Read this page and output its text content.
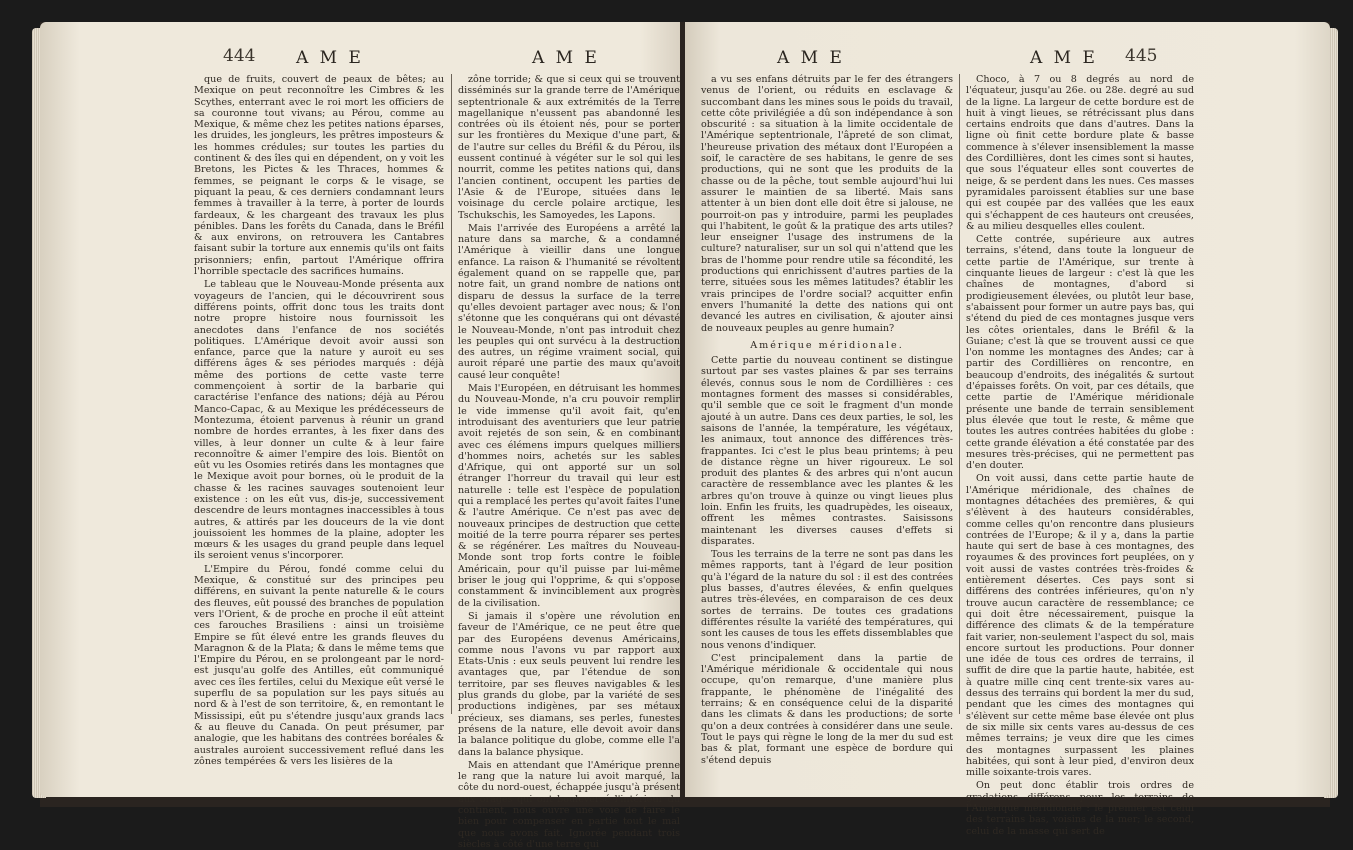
444 A M E	A M E

que de fruits, couvert de peaux de bêtes; au Mexique on peut reconnoître les Cimbres & les Scythes, enterrant avec le roi mort les officiers de sa couronne tout vivans; au Pérou, comme au Mexique, & même chez les petites nations éparses, les druides, les jongleurs, les prêtres imposteurs & les hommes crédules; sur toutes les parties du continent & des îles qui en dépendent, on y voit les Bretons, les Pictes & les Thraces, hommes & femmes, se peignant le corps & le visage, se piquant la peau, & ces derniers condamnant leurs femmes à travailler à la terre, à porter de lourds fardeaux, & les chargeant des travaux les plus pénibles. Dans les forêts du Canada, dans le Bréfil & aux environs, on retrouvera les Cantabres faisant subir la torture aux ennemis qu'ils ont faits prisonniers; enfin, partout l'Amérique offrira l'horrible spectacle des sacrifices humains.

Le tableau que le Nouveau-Monde présenta aux voyageurs de l'ancien, qui le découvrirent sous différens points, offrit donc tous les traits dont notre propre histoire nous fournissoit les anecdotes dans l'enfance de nos sociétés politiques. L'Amérique devoit avoir aussi son enfance, parce que la nature y auroit eu ses différens âges & ses périodes marqués : déjà même des portions de cette vaste terre commençoient à sortir de la barbarie qui caractérise l'enfance des nations; déjà au Pérou Manco-Capac, & au Mexique les prédécesseurs de Montezuma, étoient parvenus à réunir un grand nombre de hordes errantes, à les fixer dans des villes, à leur donner un culte & à leur faire reconnoître & aimer l'empire des lois. Bientôt on eût vu les Osomies retirés dans les montagnes que le Mexique avoit pour bornes, où le produit de la chasse & les racines sauvages soutenoient leur existence : on les eût vus, dis-je, successivement descendre de leurs montagnes inaccessibles à tous autres, & attirés par les douceurs de la vie dont jouissoient les hommes de la plaine, adopter les mœurs & les usages du grand peuple dans lequel ils seroient venus s'incorporer.

L'Empire du Pérou, fondé comme celui du Mexique, & constitué sur des principes peu différens, en suivant la pente naturelle & le cours des fleuves, eût poussé des branches de population vers l'Orient, & de proche en proche il eût atteint ces farouches Brasiliens : ainsi un troisième Empire se fût élevé entre les grands fleuves du Maragnon & de la Plata; & dans le même tems que l'Empire du Pérou, en se prolongeant par le nord-est jusqu'au golfe des Antilles, eût communiqué avec ces îles fertiles, celui du Mexique eût versé le superflu de sa population sur les pays situés au nord & à l'est de son territoire, &, en remontant le Mississipi, eût pu s'étendre jusqu'aux grands lacs & au fleuve du Canada. On peut présumer, par analogie, que les habitans des contrées boréales & australes auroient successivement reflué dans les zônes tempérées & vers les lisières de la

zône torride; & que si ceux qui se trouvent disséminés sur la grande terre de l'Amérique septentrionale & aux extrémités de la Terre magellanique n'eussent pas abandonné les contrées où ils étoient nés, pour se porter sur les frontières du Mexique d'une part, & de l'autre sur celles du Bréfil & du Pérou, ils eussent continué à végéter sur le sol qui les nourrit, comme les petites nations qui, dans l'ancien continent, occupent les parties de l'Asie & de l'Europe, situées dans le voisinage du cercle polaire arctique, les Tschukschis, les Samoyedes, les Lapons.

Mais l'arrivée des Européens a arrêté la nature dans sa marche, & a condamné l'Amérique à vieillir dans une longue enfance. La raison & l'humanité se révoltent également quand on se rappelle que, par notre fait, un grand nombre de nations ont disparu de dessus la surface de la terre qu'elles devoient partager avec nous; & l'on s'étonne que les conquérans qui ont dévasté le Nouveau-Monde, n'ont pas introduit chez les peuples qui ont survécu à la destruction des autres, un régime vraiment social, qui auroit réparé une partie des maux qu'avoit causé leur conquête!

Mais l'Européen, en détruisant les hommes du Nouveau-Monde, n'a cru pouvoir remplir le vide immense qu'il avoit fait, qu'en introduisant des aventuriers que leur patrie avoit rejetés de son sein, & en combinant avec ces élémens impurs quelques milliers d'hommes noirs, achetés sur les sables d'Afrique, qui ont apporté sur un sol étranger l'horreur du travail qui leur est naturelle : telle est l'espèce de population qui a remplacé les pertes qu'avoit faites l'une & l'autre Amérique. Ce n'est pas avec de nouveaux principes de destruction que cette moitié de la terre pourra réparer ses pertes & se régénérer. Les maîtres du Nouveau-Monde sont trop forts contre le foible Américain, pour qu'il puisse par lui-même briser le joug qui l'opprime, & qui s'oppose constamment & invinciblement aux progrès de la civilisation.

Si jamais il s'opère une révolution en faveur de l'Amérique, ce ne peut être que par des Européens devenus Américains, comme nous l'avons vu par rapport aux Etats-Unis : eux seuls peuvent lui rendre les avantages que, par l'étendue de son territoire, par ses fleuves navigables & les plus grands du globe, par la variété de ses productions indigènes, par ses métaux précieux, ses diamans, ses perles, funestes présens de la nature, elle devoit avoir dans la balance politique du globe, comme elle l'a dans la balance physique.

Mais en attendant que l'Amérique prenne le rang que la nature lui avoit marqué, la côte du nord-ouest, échappée jusqu'à présent aux orages qui ont bouleversé l'intérieur du continent, nous ouvre une voie de faire le bien pour compenser en partie tout le mal que nous avons fait. Ignorée pendant trois siècles à côté d'une terre qui

A M E	A M E 445

a vu ses enfans détruits par le fer des étrangers venus de l'orient, ou réduits en esclavage & succombant dans les mines sous le poids du travail, cette côte privilégiée a dû son indépendance à son obscurité : sa situation à la limite occidentale de l'Amérique septentrionale, l'âpreté de son climat, l'heureuse privation des métaux dont l'Européen a soif, le caractère de ses habitans, le genre de ses productions, qui ne sont que les produits de la chasse ou de la pêche, tout semble aujourd'hui lui assurer le maintien de sa liberté. Mais sans attenter à un bien dont elle doit être si jalouse, ne pourroit-on pas y introduire, parmi les peuplades qui l'habitent, le goût & la pratique des arts utiles? leur enseigner l'usage des instrumens de la culture? naturaliser, sur un sol qui n'attend que les bras de l'homme pour rendre utile sa fécondité, les productions qui enrichissent d'autres parties de la terre, situées sous les mêmes latitudes? établir les vrais principes de l'ordre social? acquitter enfin envers l'humanité la dette des nations qui ont devancé les autres en civilisation, & ajouter ainsi de nouveaux peuples au genre humain?

Amérique méridionale.

Cette partie du nouveau continent se distingue surtout par ses vastes plaines & par ses terrains élevés, connus sous le nom de Cordillières : ces montagnes forment des masses si considérables, qu'il semble que ce soit le fragment d'un monde ajouté à un autre. Dans ces deux parties, le sol, les saisons de l'année, la température, les végétaux, les animaux, tout annonce des différences très-frappantes. Ici c'est le plus beau printems; à peu de distance règne un hiver rigoureux. Le sol produit des plantes & des arbres qui n'ont aucun caractère de ressemblance avec les plantes & les arbres qu'on trouve à quinze ou vingt lieues plus loin. Enfin les fruits, les quadrupèdes, les oiseaux, offrent les mêmes contrastes. Saisissons maintenant les diverses causes d'effets si disparates.

Tous les terrains de la terre ne sont pas dans les mêmes rapports, tant à l'égard de leur position qu'à l'égard de la nature du sol : il est des contrées plus basses, d'autres élevées, & enfin quelques autres très-élevées, en comparaison de ces deux sortes de terrains. De toutes ces gradations différentes résulte la variété des températures, qui sont les causes de tous les effets dissemblables que nous venons d'indiquer.

C'est principalement dans la partie de l'Amérique méridionale & occidentale qui nous occupe, qu'on remarque, d'une manière plus frappante, le phénomène de l'inégalité des terrains; & en conséquence celui de la disparité dans les climats & dans les productions; de sorte qu'on a deux contrées à considérer dans une seule. Tout le pays qui règne le long de la mer du sud est bas & plat, formant une espèce de bordure qui s'étend depuis

Choco, à 7 ou 8 degrés au nord de l'équateur, jusqu'au 26e. ou 28e. degré au sud de la ligne. La largeur de cette bordure est de huit à vingt lieues, se rétrécissant plus dans certains endroits que dans d'autres. Dans la ligne où finit cette bordure plate & basse commence à s'élever insensiblement la masse des Cordillières, dont les cimes sont si hautes, que sous l'équateur elles sont couvertes de neige, & se perdent dans les nues. Ces masses pyramidales paroissent établies sur une base qui est coupée par des vallées que les eaux qui s'échappent de ces hauteurs ont creusées, & au milieu desquelles elles coulent.

Cette contrée, supérieure aux autres terrains, s'étend, dans toute la longueur de cette partie de l'Amérique, sur trente à cinquante lieues de largeur : c'est là que les chaînes de montagnes, d'abord si prodigieusement élevées, ou plutôt leur base, s'abaissent pour former un autre pays bas, qui s'étend du pied de ces montagnes jusque vers les côtes orientales, dans le Bréfil & la Guiane; c'est là que se trouvent aussi ce que l'on nomme les montagnes des Andes; car à partir des Cordillières on rencontre, en beaucoup d'endroits, des inégalités & surtout d'épaisses forêts. On voit, par ces détails, que cette partie de l'Amérique méridionale présente une bande de terrain sensiblement plus élevée que tout le reste, & même que toutes les autres contrées habitées du globe : cette grande élévation a été constatée par des mesures très-précises, qui ne permettent pas d'en douter.

On voit aussi, dans cette partie haute de l'Amérique méridionale, des chaînes de montagnes détachées des premières, & qui s'élèvent à des hauteurs considérables, comme celles qu'on rencontre dans plusieurs contrées de l'Europe; & il y a, dans la partie haute qui sert de base à ces montagnes, des royaumes & des provinces fort peuplées, on y voit aussi de vastes contrées très-froides & entièrement désertes. Ces pays sont si différens des contrées inférieures, qu'on n'y trouve aucun caractère de ressemblance; ce qui doit être nécessairement, puisque la différence des climats & de la température fait varier, non-seulement l'aspect du sol, mais encore surtout les productions. Pour donner une idée de tous ces ordres de terrains, il suffit de dire que la partie haute, habitée, est à quatre mille cinq cent trente-six vares au-dessus des terrains qui bordent la mer du sud, pendant que les cimes des montagnes qui s'élèvent sur cette même base élevée ont plus de six mille six cents vares au-dessus de ces mêmes terrains; je veux dire que les cimes des montagnes surpassent les plaines habitées, qui sont à leur pied, d'environ deux mille soixante-trois vares.

On peut donc établir trois ordres de gradations différens pour les terrains de l'Amérique méridionale : le premier est celui des terrains bas, voisins de la mer; le second, celui de la masse qui sert de
